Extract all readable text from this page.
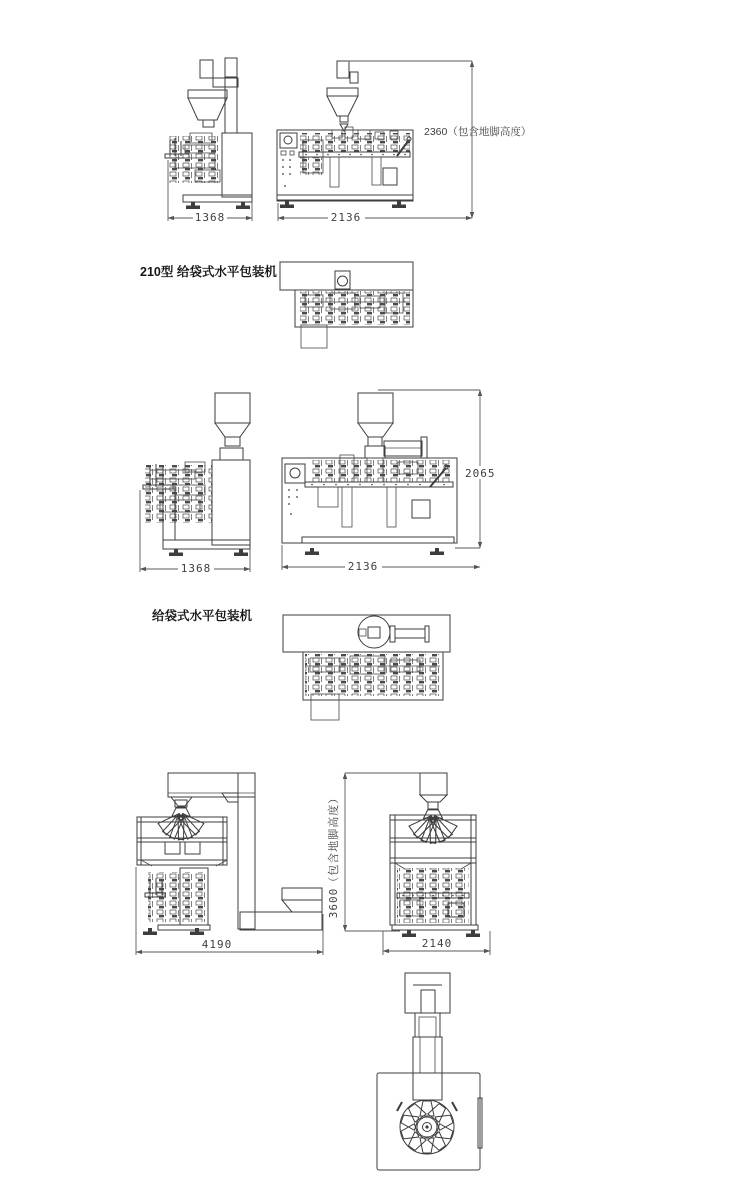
1368	2136
2360（包含地脚高度）
210型 给袋式水平包装机
1368	2136
2065
给袋式水平包装机
4190	2140
3600（包含地脚高度）
